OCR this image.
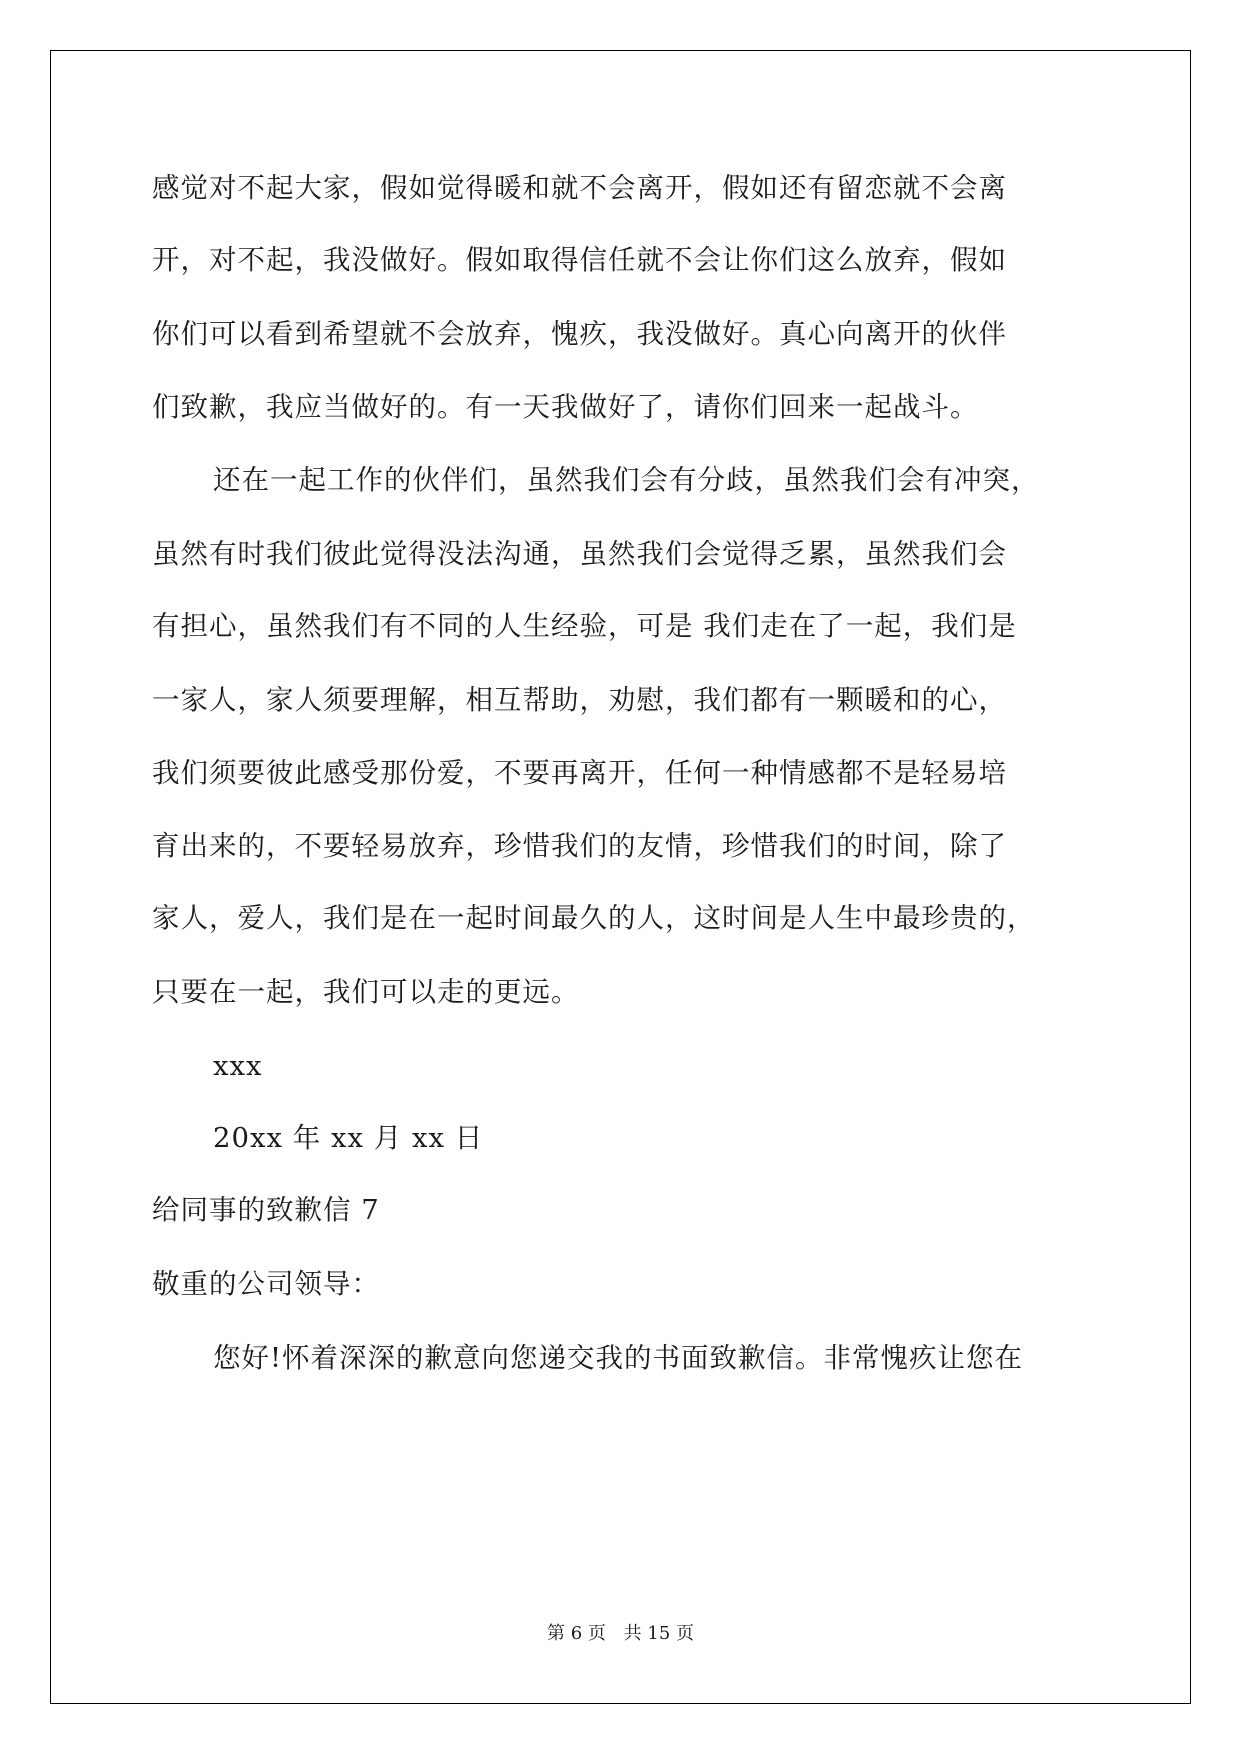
感觉对不起大家，假如觉得暖和就不会离开，假如还有留恋就不会离
开，对不起，我没做好。假如取得信任就不会让你们这么放弃，假如
你们可以看到希望就不会放弃，愧疚，我没做好。真心向离开的伙伴
们致歉，我应当做好的。有一天我做好了，请你们回来一起战斗。
还在一起工作的伙伴们，虽然我们会有分歧，虽然我们会有冲突，
虽然有时我们彼此觉得没法沟通，虽然我们会觉得乏累，虽然我们会
有担心，虽然我们有不同的人生经验，可是 我们走在了一起，我们是
一家人，家人须要理解，相互帮助，劝慰，我们都有一颗暖和的心，
我们须要彼此感受那份爱，不要再离开，任何一种情感都不是轻易培
育出来的，不要轻易放弃，珍惜我们的友情，珍惜我们的时间，除了
家人，爱人，我们是在一起时间最久的人，这时间是人生中最珍贵的，
只要在一起，我们可以走的更远。
xxx
20xx 年 xx 月 xx 日
给同事的致歉信 7
敬重的公司领导：
您好!怀着深深的歉意向您递交我的书面致歉信。非常愧疚让您在
第 6 页 共 15 页
